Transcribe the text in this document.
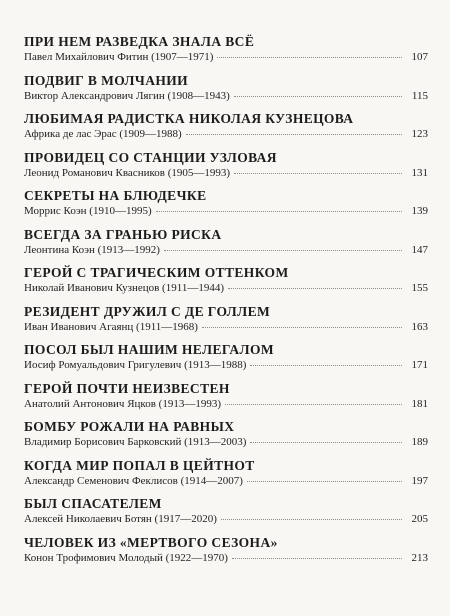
ПРИ НЕМ РАЗВЕДКА ЗНАЛА ВСЁ
Павел Михайлович Фитин (1907—1971)	107
ПОДВИГ В МОЛЧАНИИ
Виктор Александрович Лягин (1908—1943)	115
ЛЮБИМАЯ РАДИСТКА НИКОЛАЯ КУЗНЕЦОВА
Африка де лас Эрас (1909—1988)	123
ПРОВИДЕЦ СО СТАНЦИИ УЗЛОВАЯ
Леонид Романович Квасников (1905—1993)	131
СЕКРЕТЫ НА БЛЮДЕЧКЕ
Моррис Коэн (1910—1995)	139
ВСЕГДА ЗА ГРАНЬЮ РИСКА
Леонтина Коэн (1913—1992)	147
ГЕРОЙ С ТРАГИЧЕСКИМ ОТТЕНКОМ
Николай Иванович Кузнецов (1911—1944)	155
РЕЗИДЕНТ ДРУЖИЛ С ДЕ ГОЛЛЕМ
Иван Иванович Агаянц (1911—1968)	163
ПОСОЛ БЫЛ НАШИМ НЕЛЕГАЛОМ
Иосиф Ромуальдович Григулевич (1913—1988)	171
ГЕРОЙ ПОЧТИ НЕИЗВЕСТЕН
Анатолий Антонович Яцков (1913—1993)	181
БОМБУ РОЖАЛИ НА РАВНЫХ
Владимир Борисович Барковский (1913—2003)	189
КОГДА МИР ПОПАЛ В ЦЕЙТНОТ
Александр Семенович Феклисов (1914—2007)	197
БЫЛ СПАСАТЕЛЕМ
Алексей Николаевич Ботян (1917—2020)	205
ЧЕЛОВЕК ИЗ «МЕРТВОГО СЕЗОНА»
Конон Трофимович Молодый (1922—1970)	213
